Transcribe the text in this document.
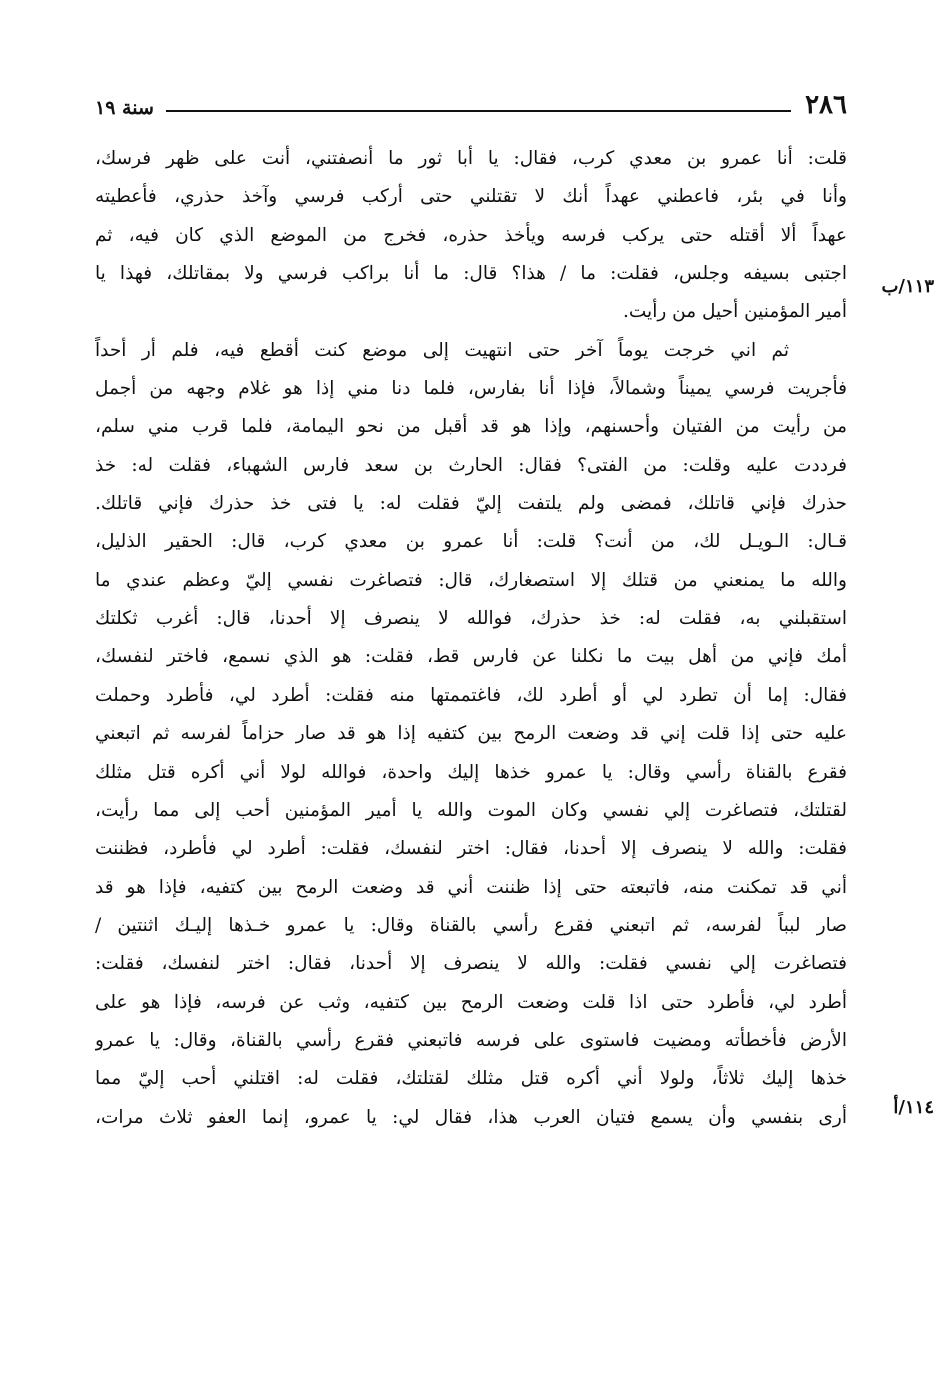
٢٨٦
سنة ١٩
١١٣/ب
١١٤/أ
قلت: أنا عمرو بن معدي كرب، فقال: يا أبا ثور ما أنصفتني، أنت على ظهر فرسك،
وأنا في بئر، فاعطني عهداً أنك لا تقتلني حتى أركب فرسي وآخذ حذري، فأعطيته
عهداً ألا أقتله حتى يركب فرسه ويأخذ حذره، فخرج من الموضع الذي كان فيه، ثم
اجتبى بسيفه وجلس، فقلت: ما / هذا؟ قال: ما أنا براكب فرسي ولا بمقاتلك، فهذا يا
أمير المؤمنين أحيل من رأيت.
ثم اني خرجت يوماً آخر حتى انتهيت إلى موضع كنت أقطع فيه، فلم أر أحداً
فأجريت فرسي يميناً وشمالاً، فإذا أنا بفارس، فلما دنا مني إذا هو غلام وجهه من أجمل
من رأيت من الفتيان وأحسنهم، وإذا هو قد أقبل من نحو اليمامة، فلما قرب مني سلم،
فرددت عليه وقلت: من الفتى؟ فقال: الحارث بن سعد فارس الشهباء، فقلت له: خذ
حذرك فإني قاتلك، فمضى ولم يلتفت إليّ فقلت له: يا فتى خذ حذرك فإني قاتلك.
قـال: الـويـل لك، من أنت؟ قلت: أنا عمرو بن معدي كرب، قال: الحقير الذليل،
والله ما يمنعني من قتلك إلا استصغارك، قال: فتصاغرت نفسي إليّ وعظم عندي ما
استقبلني به، فقلت له: خذ حذرك، فوالله لا ينصرف إلا أحدنا، قال: أغرب ثكلتك
أمك فإني من أهل بيت ما نكلنا عن فارس قط، فقلت: هو الذي نسمع، فاختر لنفسك،
فقال: إما أن تطرد لي أو أطرد لك، فاغتممتها منه فقلت: أطرد لي، فأطرد وحملت
عليه حتى إذا قلت إني قد وضعت الرمح بين كتفيه إذا هو قد صار حزاماً لفرسه ثم اتبعني
فقرع بالقناة رأسي وقال: يا عمرو خذها إليك واحدة، فوالله لولا أني أكره قتل مثلك
لقتلتك، فتصاغرت إلي نفسي وكان الموت والله يا أمير المؤمنين أحب إلى مما رأيت،
فقلت: والله لا ينصرف إلا أحدنا، فقال: اختر لنفسك، فقلت: أطرد لي فأطرد، فظننت
أني قد تمكنت منه، فاتبعته حتى إذا ظننت أني قد وضعت الرمح بين كتفيه، فإذا هو قد
صار لبباً لفرسه، ثم اتبعني فقرع رأسي بالقناة وقال: يا عمرو خـذها إليـك اثنتين /
فتصاغرت إلي نفسي فقلت: والله لا ينصرف إلا أحدنا، فقال: اختر لنفسك، فقلت:
أطرد لي، فأطرد حتى اذا قلت وضعت الرمح بين كتفيه، وثب عن فرسه، فإذا هو على
الأرض فأخطأته ومضيت فاستوى على فرسه فاتبعني فقرع رأسي بالقناة، وقال: يا عمرو
خذها إليك ثلاثاً، ولولا أني أكره قتل مثلك لقتلتك، فقلت له: اقتلني أحب إليّ مما
أرى بنفسي وأن يسمع فتيان العرب هذا، فقال لي: يا عمرو، إنما العفو ثلاث مرات،
